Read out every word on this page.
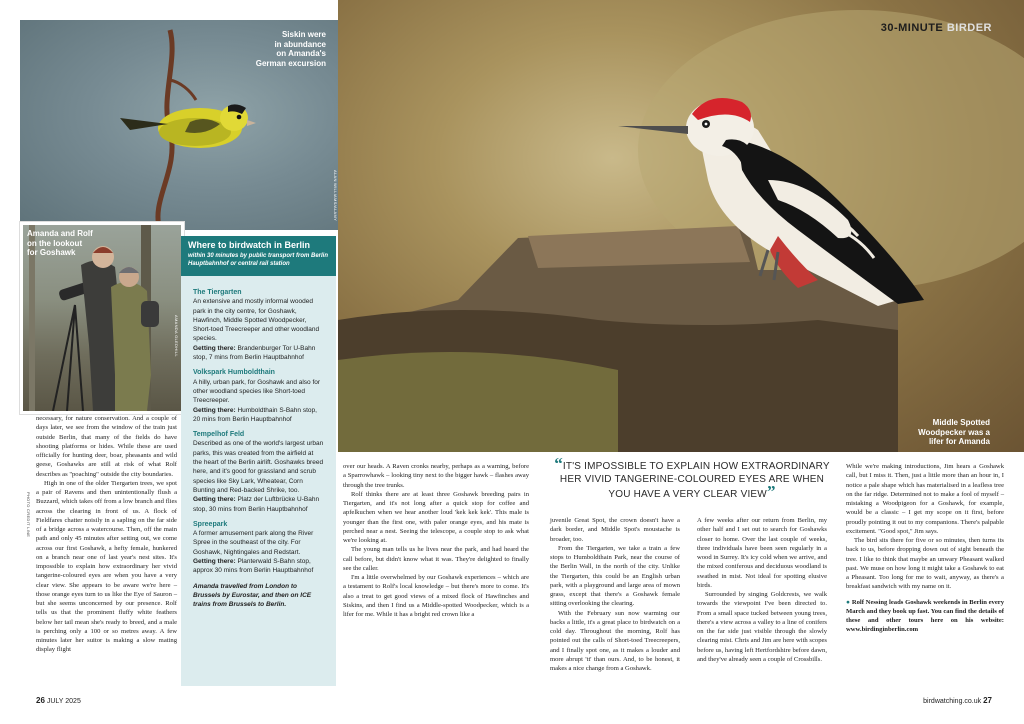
Siskin were
in abundance
on Amanda's
German excursion
ALAN WILLIAMS/ALAMY
Amanda and Rolf
on the lookout
for Goshawk
AMANDA GLEDHILL
Middle Spotted
Woodpecker was a
lifer for Amanda
30-MINUTE BIRDER
Where to birdwatch in Berlin
within 30 minutes by public transport from Berlin Hauptbahnhof or central rail station
The Tiergarten
An extensive and mostly informal wooded park in the city centre, for Goshawk, Hawfinch, Middle Spotted Woodpecker, Short-toed Treecreeper and other woodland species.
Getting there: Brandenburger Tor U-Bahn stop, 7 mins from Berlin Hauptbahnhof
Volkspark Humboldthain
A hilly, urban park, for Goshawk and also for other woodland species like Short-toed Treecreeper.
Getting there: Humboldthain S-Bahn stop, 20 mins from Berlin Hauptbahnhof
Tempelhof Feld
Described as one of the world's largest urban parks, this was created from the airfield at the heart of the Berlin airlift. Goshawks breed here, and it's good for grassland and scrub species like Sky Lark, Wheatear, Corn Bunting and Red-backed Shrike, too.
Getting there: Platz der Luftbrücke U-Bahn stop, 30 mins from Berlin Hauptbahnhof
Spreepark
A former amusement park along the River Spree in the southeast of the city. For Goshawk, Nightingales and Redstart.
Getting there: Planterwald S-Bahn stop, approx 30 mins from Berlin Hauptbahnhof
Amanda travelled from London to Brussels by Eurostar, and then on ICE trains from Brussels to Berlin.
PHOTO CREDIT LINE

necessary, for nature conservation. And a couple of days later, we see from the window of the train just outside Berlin, that many of the fields do have shooting platforms or hides. While these are used officially for hunting deer, boar, pheasants and wild geese, Goshawks are still at risk of what Rolf describes as "poaching" outside the city boundaries.

High in one of the older Tiergarten trees, we spot a pair of Ravens and then unintentionally flush a Buzzard, which takes off from a low branch and flies across the clearing in front of us. A flock of Fieldfares chatter noisily in a sapling on the far side of a bridge across a watercourse. Then, off the main path and only 45 minutes after setting out, we come across our first Goshawk, a hefty female, hunkered on a branch near one of last year's nest sites. It's impossible to explain how extraordinary her vivid tangerine-coloured eyes are when you have a very clear view. She appears to be aware we're here – those orange eyes turn to us like the Eye of Sauron – but she seems unconcerned by our presence. Rolf tells us that the prominent fluffy white feathers below her tail mean she's ready to breed, and a male is perching only a 100 or so metres away. A few minutes later her suitor is making a slow mating display flight

over our heads. A Raven cronks nearby, perhaps as a warning, before a Sparrowhawk – looking tiny next to the bigger hawk – flashes away through the tree trunks.

Rolf thinks there are at least three Goshawk breeding pairs in Tiergarten, and it's not long after a quick stop for coffee and apfelkuchen when we hear another loud 'kek kek kek'. This male is younger than the first one, with paler orange eyes, and his mate is perched near a nest. Seeing the telescope, a couple stop to ask what we're looking at.

The young man tells us he lives near the park, and had heard the call before, but didn't know what it was. They're delighted to finally see the caller.

I'm a little overwhelmed by our Goshawk experiences – which are a testament to Rolf's local knowledge – but there's more to come. It's also a treat to get good views of a mixed flock of Hawfinches and Siskins, and then I find us a Middle-spotted Woodpecker, which is a lifer for me. While it has a bright red crown like a

“IT'S IMPOSSIBLE TO EXPLAIN HOW EXTRAORDINARY HER VIVID TANGERINE-COLOURED EYES ARE WHEN YOU HAVE A VERY CLEAR VIEW”

juvenile Great Spot, the crown doesn't have a dark border, and Middle Spot's moustache is broader, too.

From the Tiergarten, we take a train a few stops to Humboldthain Park, near the course of the Berlin Wall, in the north of the city. Unlike the Tiergarten, this could be an English urban park, with a playground and large area of mown grass, except that there's a Goshawk female sitting overlooking the clearing.

With the February sun now warming our backs a little, it's a great place to birdwatch on a cold day. Throughout the morning, Rolf has pointed out the calls of Short-toed Treecreepers, and I finally spot one, as it makes a louder and more abrupt 'tt' than ours. And, to be honest, it makes a nice change from a Goshawk.

A few weeks after our return from Berlin, my other half and I set out to search for Goshawks closer to home. Over the last couple of weeks, three individuals have been seen regularly in a wood in Surrey. It's icy cold when we arrive, and the mixed coniferous and deciduous woodland is swathed in mist. Not ideal for spotting elusive birds.

Surrounded by singing Goldcrests, we walk towards the viewpoint I've been directed to. From a small space tucked between young trees, there's a view across a valley to a line of conifers on the far side just visible through the slowly clearing mist. Chris and Jim are here with scopes before us, having left Hertfordshire before dawn, and they've already seen a couple of Crossbills.

While we're making introductions, Jim hears a Goshawk call, but I miss it. Then, just a little more than an hour in, I notice a pale shape which has materialised in a leafless tree on the far ridge. Determined not to make a fool of myself – mistaking a Woodpigeon for a Goshawk, for example, would be a classic – I get my scope on it first, before proudly pointing it out to my companions. There's palpable excitement. "Good spot," Jim says.

The bird sits there for five or so minutes, then turns its back to us, before dropping down out of sight beneath the tree. I like to think that maybe an unwary Pheasant walked past. We muse on how long it might take a Goshawk to eat a Pheasant. Too long for me to wait, anyway, as there's a breakfast sandwich with my name on it.

● Rolf Nessing leads Goshawk weekends in Berlin every March and they book up fast. You can find the details of these and other tours here on his website: www.birdinginberlin.com

26 JULY 2025	birdwatching.co.uk 27
